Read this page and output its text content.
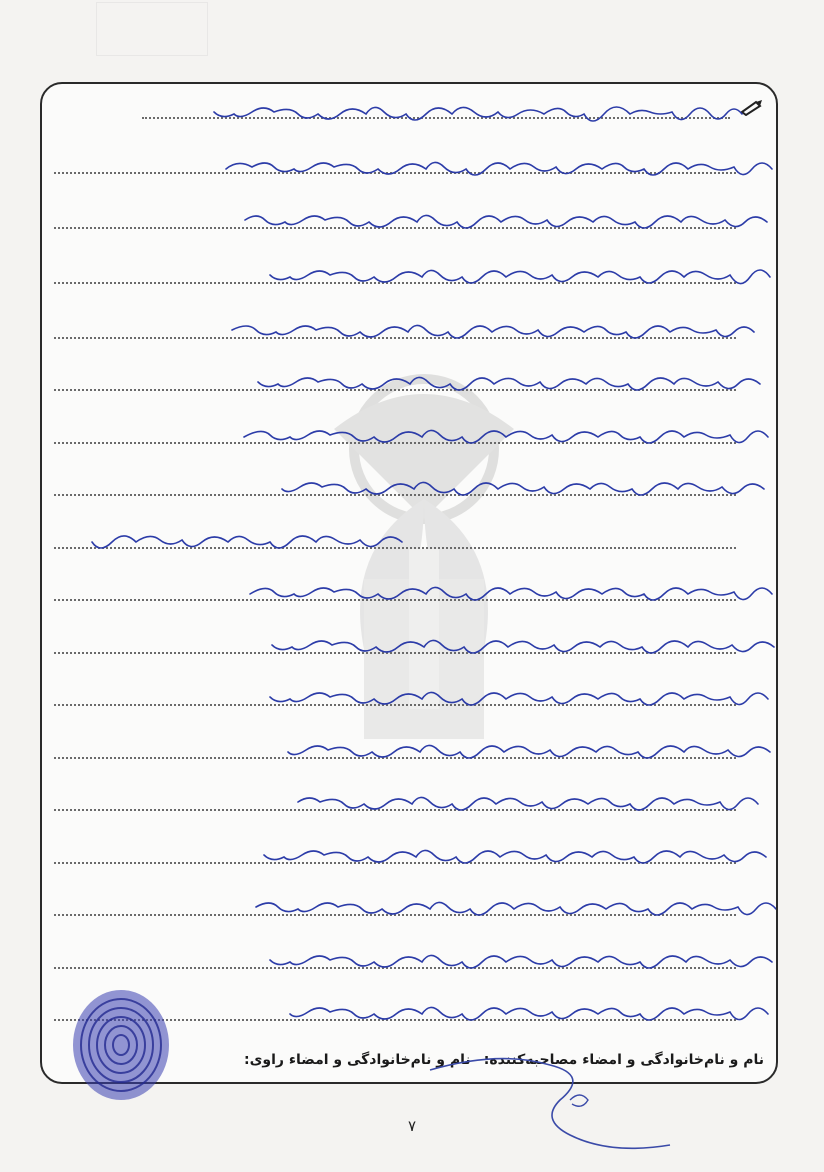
نام و نام‌خانوادگی و امضاء مصاحبه‌کننده:
نام و نام‌خانوادگی و امضاء راوی:
۷
